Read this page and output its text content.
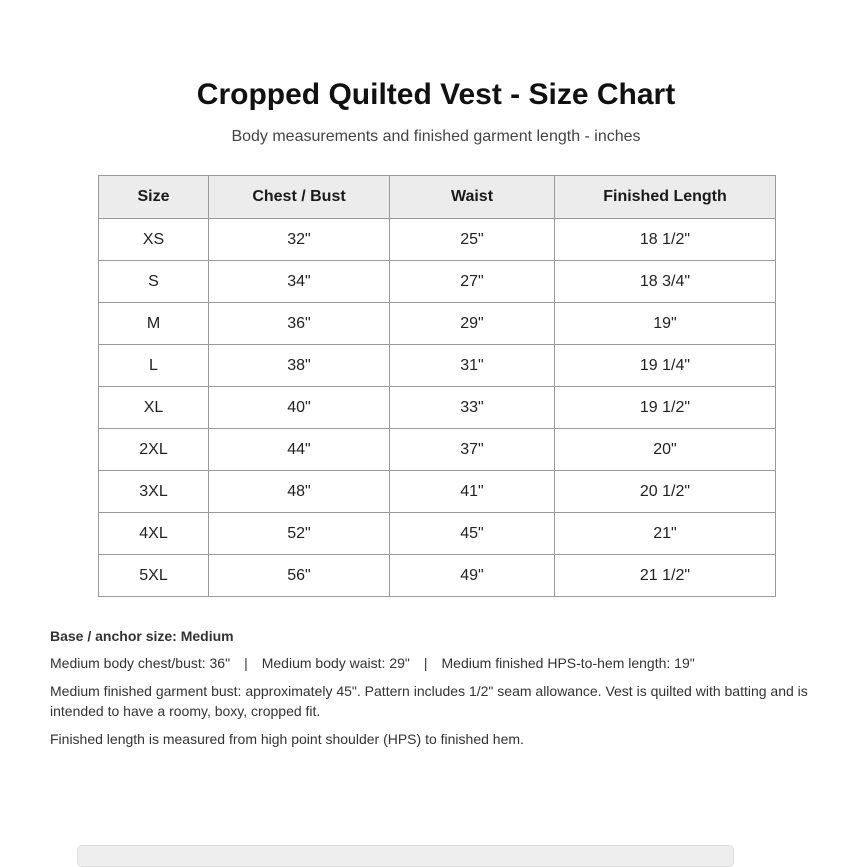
Cropped Quilted Vest - Size Chart

Body measurements and finished garment length - inches

Size	Chest / Bust	Waist	Finished Length
XS	32"	25"	18 1/2"
S	34"	27"	18 3/4"
M	36"	29"	19"
L	38"	31"	19 1/4"
XL	40"	33"	19 1/2"
2XL	44"	37"	20"
3XL	48"	41"	20 1/2"
4XL	52"	45"	21"
5XL	56"	49"	21 1/2"

Base / anchor size: Medium

Medium body chest/bust: 36" | Medium body waist: 29" | Medium finished HPS-to-hem length: 19"

Medium finished garment bust: approximately 45". Pattern includes 1/2" seam allowance. Vest is quilted with batting and is intended to have a roomy, boxy, cropped fit.

Finished length is measured from high point shoulder (HPS) to finished hem.
